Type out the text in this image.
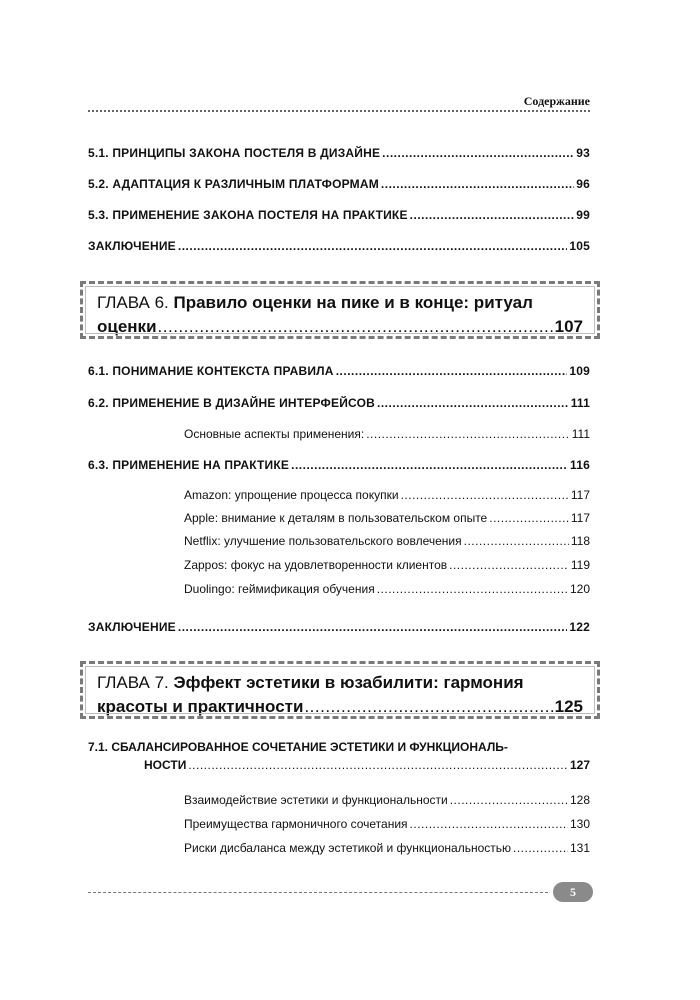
Содержание
5.1. ПРИНЦИПЫ ЗАКОНА ПОСТЕЛЯ В ДИЗАЙНЕ .....	93
5.2. АДАПТАЦИЯ К РАЗЛИЧНЫМ ПЛАТФОРМАМ .....	96
5.3. ПРИМЕНЕНИЕ ЗАКОНА ПОСТЕЛЯ НА ПРАКТИКЕ .....	99
ЗАКЛЮЧЕНИЕ .....	105
ГЛАВА 6. Правило оценки на пике и в конце: ритуал
оценки .....	107
6.1. ПОНИМАНИЕ КОНТЕКСТА ПРАВИЛА .....	109
6.2. ПРИМЕНЕНИЕ В ДИЗАЙНЕ ИНТЕРФЕЙСОВ .....	111
Основные аспекты применения: .....	111
6.3. ПРИМЕНЕНИЕ НА ПРАКТИКЕ .....	116
Amazon: упрощение процесса покупки .....	117
Apple: внимание к деталям в пользовательском опыте .....	117
Netflix: улучшение пользовательского вовлечения .....	118
Zappos: фокус на удовлетворенности клиентов .....	119
Duolingo: геймификация обучения .....	120
ЗАКЛЮЧЕНИЕ .....	122
ГЛАВА 7. Эффект эстетики в юзабилити: гармония
красоты и практичности .....	125
7.1. СБАЛАНСИРОВАННОЕ СОЧЕТАНИЕ ЭСТЕТИКИ И ФУНКЦИОНАЛЬ-
НОСТИ .....	127
Взаимодействие эстетики и функциональности .....	128
Преимущества гармоничного сочетания .....	130
Риски дисбаланса между эстетикой и функциональностью .....	131
5
